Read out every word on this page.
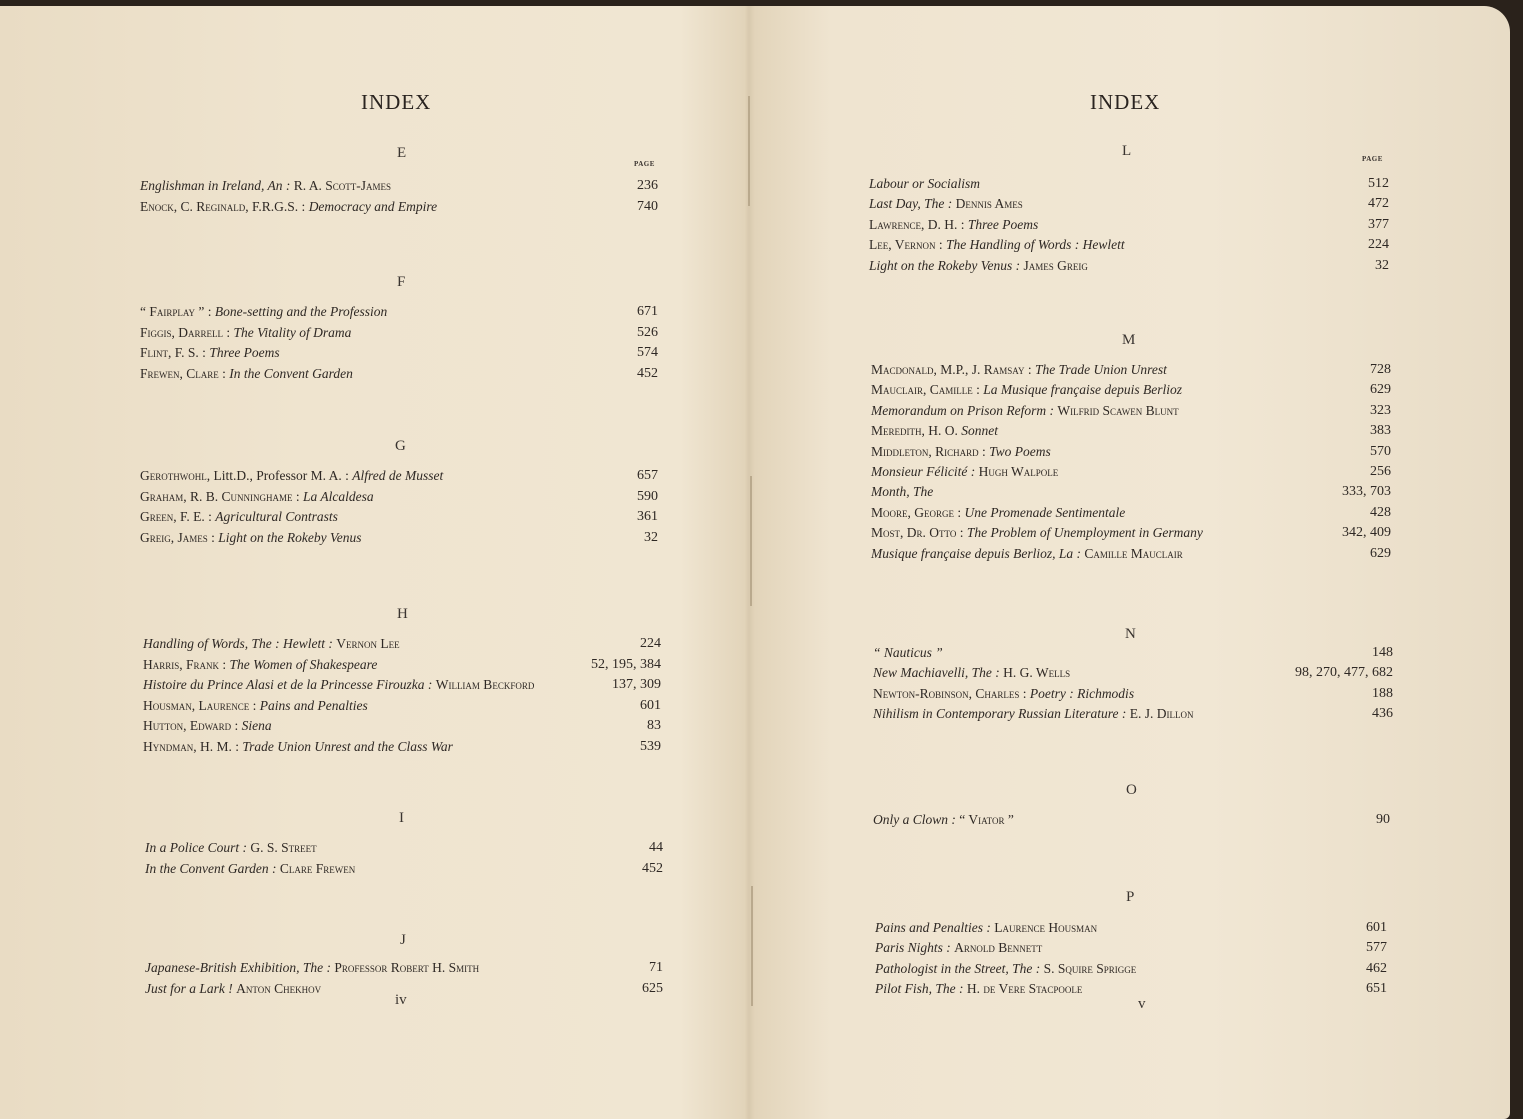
INDEX
PAGE
E
Englishman in Ireland, An : R. A. Scott-James	236
Enock, C. Reginald, F.R.G.S. : Democracy and Empire	740
F
“ Fairplay ” : Bone-setting and the Profession	671
Figgis, Darrell : The Vitality of Drama	526
Flint, F. S. : Three Poems	574
Frewen, Clare : In the Convent Garden	452
G
Gerothwohl, Litt.D., Professor M. A. : Alfred de Musset	657
Graham, R. B. Cunninghame : La Alcaldesa	590
Green, F. E. : Agricultural Contrasts	361
Greig, James : Light on the Rokeby Venus	32
H
Handling of Words, The : Hewlett : Vernon Lee	224
Harris, Frank : The Women of Shakespeare	52, 195, 384
Histoire du Prince Alasi et de la Princesse Firouzka : William Beckford	137, 309
Housman, Laurence : Pains and Penalties	601
Hutton, Edward : Siena	83
Hyndman, H. M. : Trade Union Unrest and the Class War	539
I
In a Police Court : G. S. Street	44
In the Convent Garden : Clare Frewen	452
J
Japanese-British Exhibition, The : Professor Robert H. Smith	71
Just for a Lark ! Anton Chekhov	625
iv
INDEX
PAGE
L
Labour or Socialism	512
Last Day, The : Dennis Ames	472
Lawrence, D. H. : Three Poems	377
Lee, Vernon : The Handling of Words : Hewlett	224
Light on the Rokeby Venus : James Greig	32
M
Macdonald, M.P., J. Ramsay : The Trade Union Unrest	728
Mauclair, Camille : La Musique française depuis Berlioz	629
Memorandum on Prison Reform : Wilfrid Scawen Blunt	323
Meredith, H. O. Sonnet	383
Middleton, Richard : Two Poems	570
Monsieur Félicité : Hugh Walpole	256
Month, The	333, 703
Moore, George : Une Promenade Sentimentale	428
Most, Dr. Otto : The Problem of Unemployment in Germany	342, 409
Musique française depuis Berlioz, La : Camille Mauclair	629
N
“ Nauticus ”	148
New Machiavelli, The : H. G. Wells	98, 270, 477, 682
Newton-Robinson, Charles : Poetry : Richmodis	188
Nihilism in Contemporary Russian Literature : E. J. Dillon	436
O
Only a Clown : “ Viator ”	90
P
Pains and Penalties : Laurence Housman	601
Paris Nights : Arnold Bennett	577
Pathologist in the Street, The : S. Squire Sprigge	462
Pilot Fish, The : H. de Vere Stacpoole	651
v
